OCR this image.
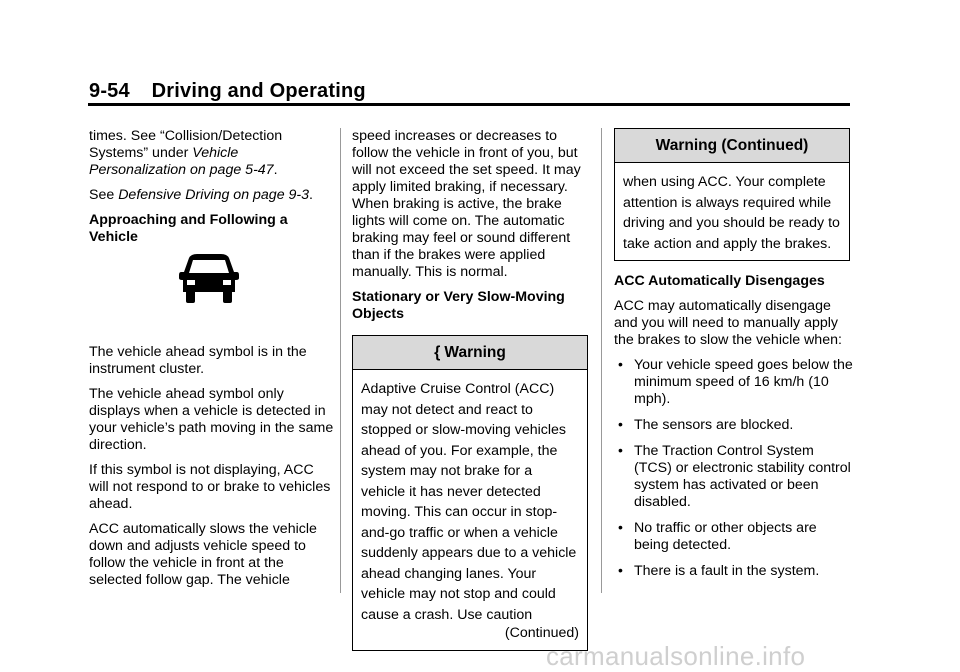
9-54 Driving and Operating

times. See “Collision/Detection Systems” under Vehicle Personalization on page 5-47.

See Defensive Driving on page 9-3.

Approaching and Following a Vehicle

The vehicle ahead symbol is in the instrument cluster.

The vehicle ahead symbol only displays when a vehicle is detected in your vehicle’s path moving in the same direction.

If this symbol is not displaying, ACC will not respond to or brake to vehicles ahead.

ACC automatically slows the vehicle down and adjusts vehicle speed to follow the vehicle in front at the selected follow gap. The vehicle

speed increases or decreases to follow the vehicle in front of you, but will not exceed the set speed. It may apply limited braking, if necessary. When braking is active, the brake lights will come on. The automatic braking may feel or sound different than if the brakes were applied manually. This is normal.

Stationary or Very Slow-Moving Objects

{ Warning
Adaptive Cruise Control (ACC) may not detect and react to stopped or slow-moving vehicles ahead of you. For example, the system may not brake for a vehicle it has never detected moving. This can occur in stop-and-go traffic or when a vehicle suddenly appears due to a vehicle ahead changing lanes. Your vehicle may not stop and could cause a crash. Use caution
(Continued)
Warning (Continued)
when using ACC. Your complete attention is always required while driving and you should be ready to take action and apply the brakes.

ACC Automatically Disengages

ACC may automatically disengage and you will need to manually apply the brakes to slow the vehicle when:

• Your vehicle speed goes below the minimum speed of 16 km/h (10 mph).
• The sensors are blocked.
• The Traction Control System (TCS) or electronic stability control system has activated or been disabled.
• No traffic or other objects are being detected.
• There is a fault in the system.
carmanualsonline.info
